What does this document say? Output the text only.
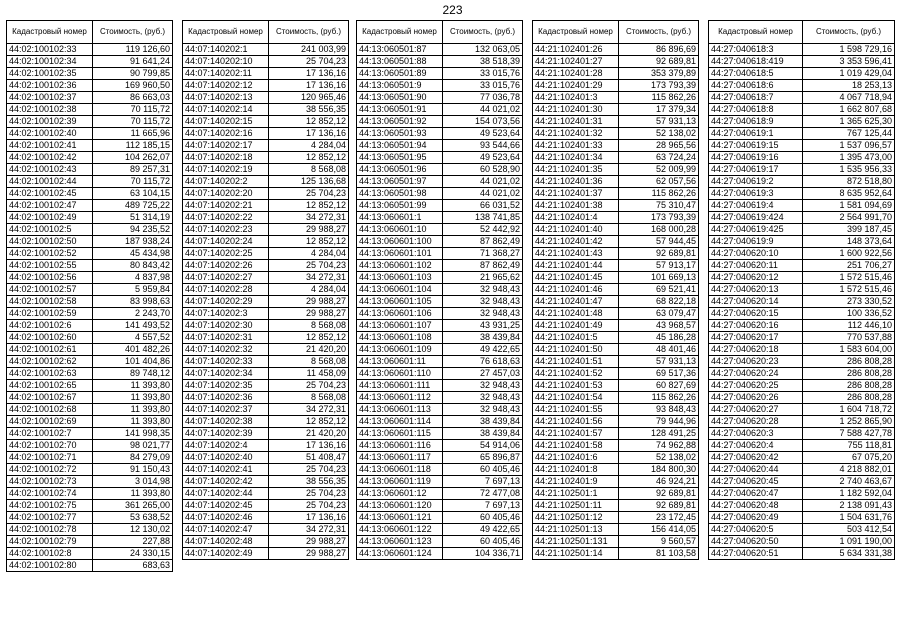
223
Кадастровый номер	Стоимость, (руб.)
44:02:100102:33	119 126,60
44:02:100102:34	91 641,24
44:02:100102:35	90 799,85
44:02:100102:36	169 960,50
44:02:100102:37	86 663,03
44:02:100102:38	70 115,72
44:02:100102:39	70 115,72
44:02:100102:40	11 665,96
44:02:100102:41	112 185,15
44:02:100102:42	104 262,07
44:02:100102:43	89 257,31
44:02:100102:44	70 115,72
44:02:100102:45	63 104,15
44:02:100102:47	489 725,22
44:02:100102:49	51 314,19
44:02:100102:5	94 235,52
44:02:100102:50	187 938,24
44:02:100102:52	45 434,98
44:02:100102:55	80 843,42
44:02:100102:56	4 837,98
44:02:100102:57	5 959,84
44:02:100102:58	83 998,63
44:02:100102:59	2 243,70
44:02:100102:6	141 493,52
44:02:100102:60	4 557,52
44:02:100102:61	401 482,26
44:02:100102:62	101 404,86
44:02:100102:63	89 748,12
44:02:100102:65	11 393,80
44:02:100102:67	11 393,80
44:02:100102:68	11 393,80
44:02:100102:69	11 393,80
44:02:100102:7	141 998,35
44:02:100102:70	98 021,77
44:02:100102:71	84 279,09
44:02:100102:72	91 150,43
44:02:100102:73	3 014,98
44:02:100102:74	11 393,80
44:02:100102:75	361 265,00
44:02:100102:77	53 638,52
44:02:100102:78	12 130,02
44:02:100102:79	227,88
44:02:100102:8	24 330,15
44:02:100102:80	683,63
Кадастровый номер	Стоимость, (руб.)
44:07:140202:1	241 003,99
44:07:140202:10	25 704,23
44:07:140202:11	17 136,16
44:07:140202:12	17 136,16
44:07:140202:13	120 965,46
44:07:140202:14	38 556,35
44:07:140202:15	12 852,12
44:07:140202:16	17 136,16
44:07:140202:17	4 284,04
44:07:140202:18	12 852,12
44:07:140202:19	8 568,08
44:07:140202:2	125 136,68
44:07:140202:20	25 704,23
44:07:140202:21	12 852,12
44:07:140202:22	34 272,31
44:07:140202:23	29 988,27
44:07:140202:24	12 852,12
44:07:140202:25	4 284,04
44:07:140202:26	25 704,23
44:07:140202:27	34 272,31
44:07:140202:28	4 284,04
44:07:140202:29	29 988,27
44:07:140202:3	29 988,27
44:07:140202:30	8 568,08
44:07:140202:31	12 852,12
44:07:140202:32	21 420,20
44:07:140202:33	8 568,08
44:07:140202:34	11 458,09
44:07:140202:35	25 704,23
44:07:140202:36	8 568,08
44:07:140202:37	34 272,31
44:07:140202:38	12 852,12
44:07:140202:39	21 420,20
44:07:140202:4	17 136,16
44:07:140202:40	51 408,47
44:07:140202:41	25 704,23
44:07:140202:42	38 556,35
44:07:140202:44	25 704,23
44:07:140202:45	25 704,23
44:07:140202:46	17 136,16
44:07:140202:47	34 272,31
44:07:140202:48	29 988,27
44:07:140202:49	29 988,27
Кадастровый номер	Стоимость, (руб.)
44:13:060501:87	132 063,05
44:13:060501:88	38 518,39
44:13:060501:89	33 015,76
44:13:060501:9	33 015,76
44:13:060501:90	77 036,78
44:13:060501:91	44 021,02
44:13:060501:92	154 073,56
44:13:060501:93	49 523,64
44:13:060501:94	93 544,66
44:13:060501:95	49 523,64
44:13:060501:96	60 528,90
44:13:060501:97	44 021,02
44:13:060501:98	44 021,02
44:13:060501:99	66 031,52
44:13:060601:1	138 741,85
44:13:060601:10	52 442,92
44:13:060601:100	87 862,49
44:13:060601:101	71 368,27
44:13:060601:102	87 862,49
44:13:060601:103	21 965,62
44:13:060601:104	32 948,43
44:13:060601:105	32 948,43
44:13:060601:106	32 948,43
44:13:060601:107	43 931,25
44:13:060601:108	38 439,84
44:13:060601:109	49 422,65
44:13:060601:11	76 618,63
44:13:060601:110	27 457,03
44:13:060601:111	32 948,43
44:13:060601:112	32 948,43
44:13:060601:113	32 948,43
44:13:060601:114	38 439,84
44:13:060601:115	38 439,84
44:13:060601:116	54 914,06
44:13:060601:117	65 896,87
44:13:060601:118	60 405,46
44:13:060601:119	7 697,13
44:13:060601:12	72 477,08
44:13:060601:120	7 697,13
44:13:060601:121	60 405,46
44:13:060601:122	49 422,65
44:13:060601:123	60 405,46
44:13:060601:124	104 336,71
Кадастровый номер	Стоимость, (руб.)
44:21:102401:26	86 896,69
44:21:102401:27	92 689,81
44:21:102401:28	353 379,89
44:21:102401:29	173 793,39
44:21:102401:3	115 862,26
44:21:102401:30	17 379,34
44:21:102401:31	57 931,13
44:21:102401:32	52 138,02
44:21:102401:33	28 965,56
44:21:102401:34	63 724,24
44:21:102401:35	52 009,99
44:21:102401:36	62 057,56
44:21:102401:37	115 862,26
44:21:102401:38	75 310,47
44:21:102401:4	173 793,39
44:21:102401:40	168 000,28
44:21:102401:42	57 944,45
44:21:102401:43	92 689,81
44:21:102401:44	57 913,17
44:21:102401:45	101 669,13
44:21:102401:46	69 521,41
44:21:102401:47	68 822,18
44:21:102401:48	63 079,47
44:21:102401:49	43 968,57
44:21:102401:5	45 186,28
44:21:102401:50	48 401,46
44:21:102401:51	57 931,13
44:21:102401:52	69 517,36
44:21:102401:53	60 827,69
44:21:102401:54	115 862,26
44:21:102401:55	93 848,43
44:21:102401:56	79 944,96
44:21:102401:57	128 491,25
44:21:102401:58	74 962,88
44:21:102401:6	52 138,02
44:21:102401:8	184 800,30
44:21:102401:9	46 924,21
44:21:102501:1	92 689,81
44:21:102501:11	92 689,81
44:21:102501:12	23 172,45
44:21:102501:13	156 414,05
44:21:102501:131	9 560,57
44:21:102501:14	81 103,58
Кадастровый номер	Стоимость, (руб.)
44:27:040618:3	1 598 729,16
44:27:040618:419	3 353 596,41
44:27:040618:5	1 019 429,04
44:27:040618:6	18 253,13
44:27:040618:7	4 067 718,94
44:27:040618:8	1 662 807,68
44:27:040618:9	1 365 625,30
44:27:040619:1	767 125,44
44:27:040619:15	1 537 096,57
44:27:040619:16	1 395 473,00
44:27:040619:17	1 535 956,33
44:27:040619:2	872 518,80
44:27:040619:3	8 635 952,64
44:27:040619:4	1 581 094,69
44:27:040619:424	2 564 991,70
44:27:040619:425	399 187,45
44:27:040619:9	148 373,64
44:27:040620:10	1 600 922,56
44:27:040620:11	251 706,27
44:27:040620:12	1 572 515,46
44:27:040620:13	1 572 515,46
44:27:040620:14	273 330,52
44:27:040620:15	100 336,52
44:27:040620:16	112 446,10
44:27:040620:17	770 537,88
44:27:040620:18	1 583 604,00
44:27:040620:23	286 808,28
44:27:040620:24	286 808,28
44:27:040620:25	286 808,28
44:27:040620:26	286 808,28
44:27:040620:27	1 604 718,72
44:27:040620:28	1 252 865,90
44:27:040620:3	7 588 427,78
44:27:040620:4	755 118,81
44:27:040620:42	67 075,20
44:27:040620:44	4 218 882,01
44:27:040620:45	2 740 463,67
44:27:040620:47	1 182 592,04
44:27:040620:48	2 138 091,43
44:27:040620:49	1 504 631,76
44:27:040620:5	503 412,54
44:27:040620:50	1 091 190,00
44:27:040620:51	5 634 331,38
